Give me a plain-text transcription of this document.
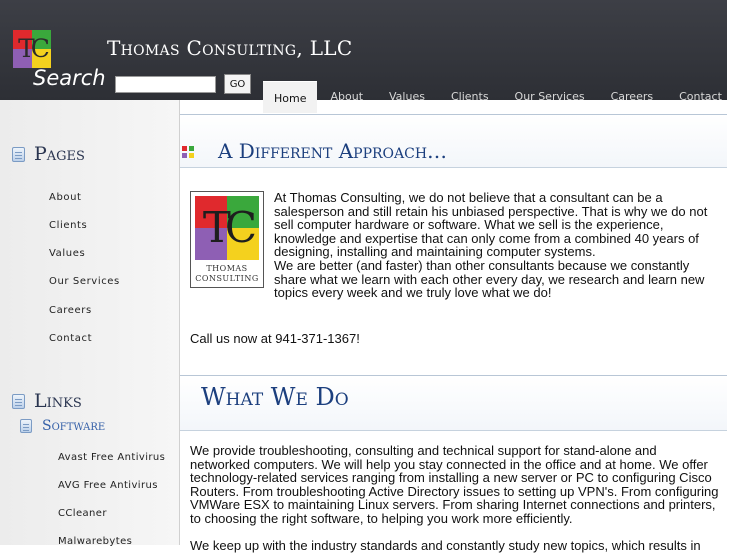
TC	Thomas Consulting, LLC
Search	GO
Home	About	Values	Clients	Our Services	Careers	Contact
Pages
About
Clients
Values
Our Services
Careers
Contact
Links
Software
Avast Free Antivirus
AVG Free Antivirus
CCleaner
Malwarebytes
A Different Approach…
TC
THOMAS
CONSULTING
At Thomas Consulting, we do not believe that a consultant can be a salesperson and still retain his unbiased perspective. That is why we do not sell computer hardware or software. What we sell is the experience, knowledge and expertise that can only come from a combined 40 years of designing, installing and maintaining computer systems.
We are better (and faster) than other consultants because we constantly share what we learn with each other every day, we research and learn new topics every week and we truly love what we do!
Call us now at 941-371-1367!
What We Do
We provide troubleshooting, consulting and technical support for stand-alone and networked computers. We will help you stay connected in the office and at home. We offer technology-related services ranging from installing a new server or PC to configuring Cisco Routers. From troubleshooting Active Directory issues to setting up VPN's. From configuring VMWare ESX to maintaining Linux servers. From sharing Internet connections and printers, to choosing the right software, to helping you work more efficiently.
We keep up with the industry standards and constantly study new topics, which results in
